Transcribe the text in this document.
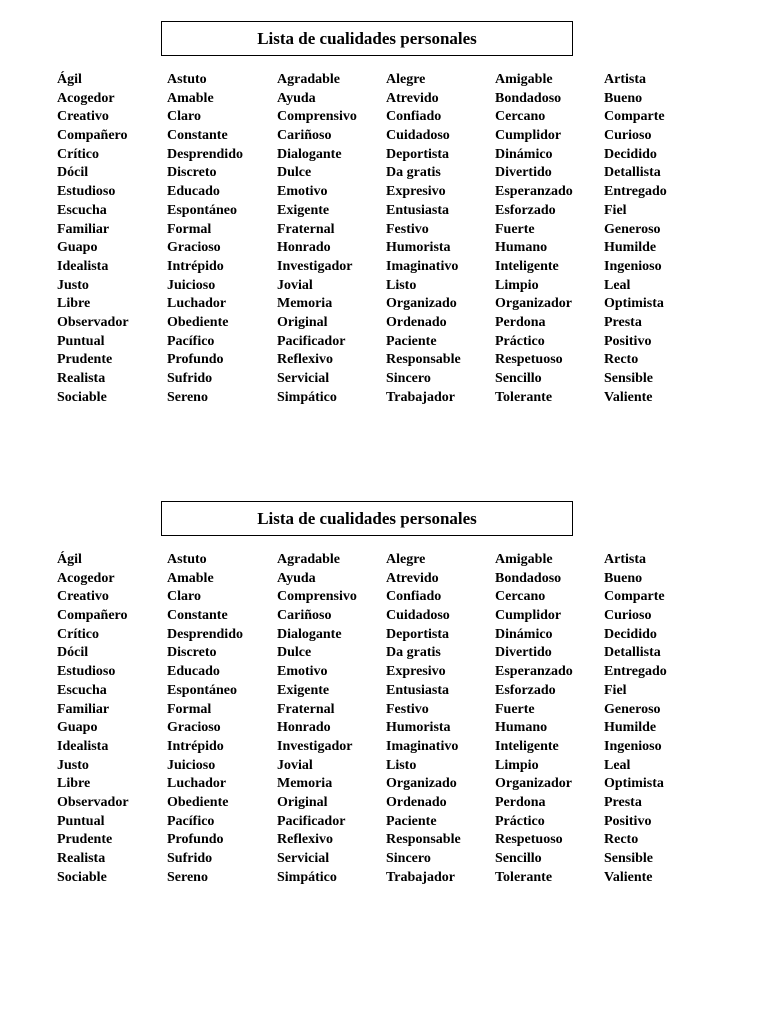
Lista de cualidades personales
Ágil
Acogedor
Creativo
Compañero
Crítico
Dócil
Estudioso
Escucha
Familiar
Guapo
Idealista
Justo
Libre
Observador
Puntual
Prudente
Realista
Sociable
Astuto
Amable
Claro
Constante
Desprendido
Discreto
Educado
Espontáneo
Formal
Gracioso
Intrépido
Juicioso
Luchador
Obediente
Pacífico
Profundo
Sufrido
Sereno
Agradable
Ayuda
Comprensivo
Cariñoso
Dialogante
Dulce
Emotivo
Exigente
Fraternal
Honrado
Investigador
Jovial
Memoria
Original
Pacificador
Reflexivo
Servicial
Simpático
Alegre
Atrevido
Confiado
Cuidadoso
Deportista
Da gratis
Expresivo
Entusiasta
Festivo
Humorista
Imaginativo
Listo
Organizado
Ordenado
Paciente
Responsable
Sincero
Trabajador
Amigable
Bondadoso
Cercano
Cumplidor
Dinámico
Divertido
Esperanzado
Esforzado
Fuerte
Humano
Inteligente
Limpio
Organizador
Perdona
Práctico
Respetuoso
Sencillo
Tolerante
Artista
Bueno
Comparte
Curioso
Decidido
Detallista
Entregado
Fiel
Generoso
Humilde
Ingenioso
Leal
Optimista
Presta
Positivo
Recto
Sensible
Valiente
Lista de cualidades personales
Ágil
Acogedor
Creativo
Compañero
Crítico
Dócil
Estudioso
Escucha
Familiar
Guapo
Idealista
Justo
Libre
Observador
Puntual
Prudente
Realista
Sociable
Astuto
Amable
Claro
Constante
Desprendido
Discreto
Educado
Espontáneo
Formal
Gracioso
Intrépido
Juicioso
Luchador
Obediente
Pacífico
Profundo
Sufrido
Sereno
Agradable
Ayuda
Comprensivo
Cariñoso
Dialogante
Dulce
Emotivo
Exigente
Fraternal
Honrado
Investigador
Jovial
Memoria
Original
Pacificador
Reflexivo
Servicial
Simpático
Alegre
Atrevido
Confiado
Cuidadoso
Deportista
Da gratis
Expresivo
Entusiasta
Festivo
Humorista
Imaginativo
Listo
Organizado
Ordenado
Paciente
Responsable
Sincero
Trabajador
Amigable
Bondadoso
Cercano
Cumplidor
Dinámico
Divertido
Esperanzado
Esforzado
Fuerte
Humano
Inteligente
Limpio
Organizador
Perdona
Práctico
Respetuoso
Sencillo
Tolerante
Artista
Bueno
Comparte
Curioso
Decidido
Detallista
Entregado
Fiel
Generoso
Humilde
Ingenioso
Leal
Optimista
Presta
Positivo
Recto
Sensible
Valiente
